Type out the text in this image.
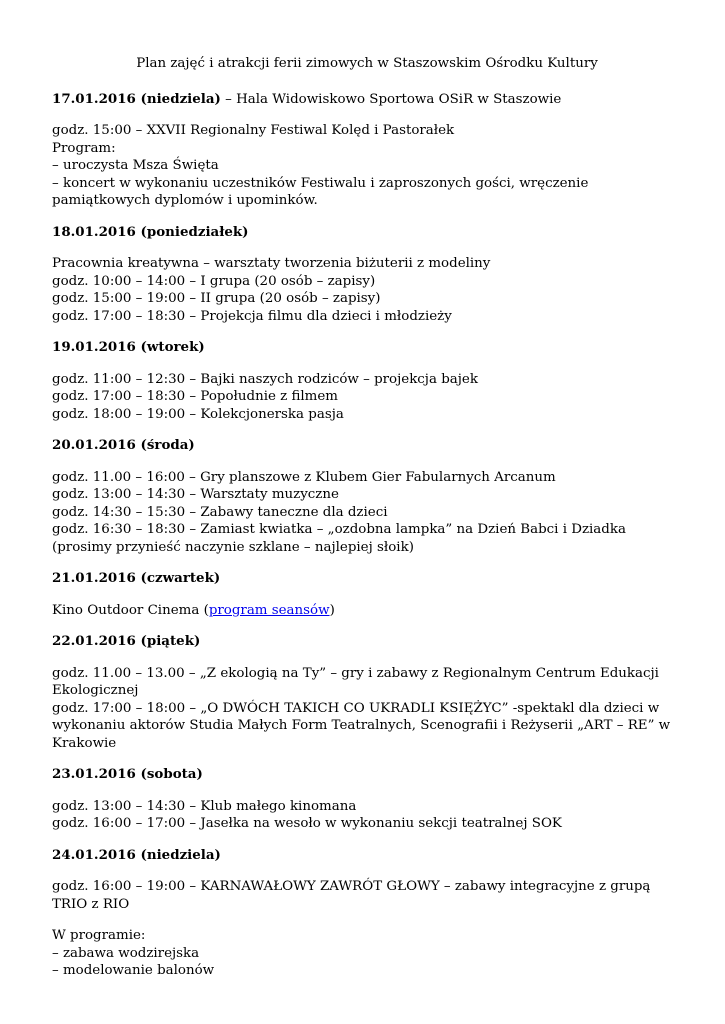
Plan zajęć i atrakcji ferii zimowych w Staszowskim Ośrodku Kultury

17.01.2016 (niedziela) – Hala Widowiskowo Sportowa OSiR w Staszowie

godz. 15:00 – XXVII Regionalny Festiwal Kolęd i Pastorałek
Program:
– uroczysta Msza Święta
– koncert w wykonaniu uczestników Festiwalu i zaproszonych gości, wręczenie pamiątkowych dyplomów i upominków.

18.01.2016 (poniedziałek)

Pracownia kreatywna – warsztaty tworzenia biżuterii z modeliny
godz. 10:00 – 14:00 – I grupa (20 osób – zapisy)
godz. 15:00 – 19:00 – II grupa (20 osób – zapisy)
godz. 17:00 – 18:30 – Projekcja filmu dla dzieci i młodzieży

19.01.2016 (wtorek)

godz. 11:00 – 12:30 – Bajki naszych rodziców – projekcja bajek
godz. 17:00 – 18:30 – Popołudnie z filmem
godz. 18:00 – 19:00 – Kolekcjonerska pasja

20.01.2016 (środa)

godz. 11.00 – 16:00 – Gry planszowe z Klubem Gier Fabularnych Arcanum
godz. 13:00 – 14:30 – Warsztaty muzyczne
godz. 14:30 – 15:30 – Zabawy taneczne dla dzieci
godz. 16:30 – 18:30 – Zamiast kwiatka – „ozdobna lampka” na Dzień Babci i Dziadka (prosimy przynieść naczynie szklane – najlepiej słoik)

21.01.2016 (czwartek)

Kino Outdoor Cinema (program seansów)

22.01.2016 (piątek)

godz. 11.00 – 13.00 – „Z ekologią na Ty” – gry i zabawy z Regionalnym Centrum Edukacji Ekologicznej
godz. 17:00 – 18:00 – „O DWÓCH TAKICH CO UKRADLI KSIĘŻYC” -spektakl dla dzieci w wykonaniu aktorów Studia Małych Form Teatralnych, Scenografii i Reżyserii „ART – RE” w Krakowie

23.01.2016 (sobota)

godz. 13:00 – 14:30 – Klub małego kinomana
godz. 16:00 – 17:00 – Jasełka na wesoło w wykonaniu sekcji teatralnej SOK

24.01.2016 (niedziela)

godz. 16:00 – 19:00 – KARNAWAŁOWY ZAWRÓT GŁOWY – zabawy integracyjne z grupą TRIO z RIO
W programie:
– zabawa wodzirejska
– modelowanie balonów
